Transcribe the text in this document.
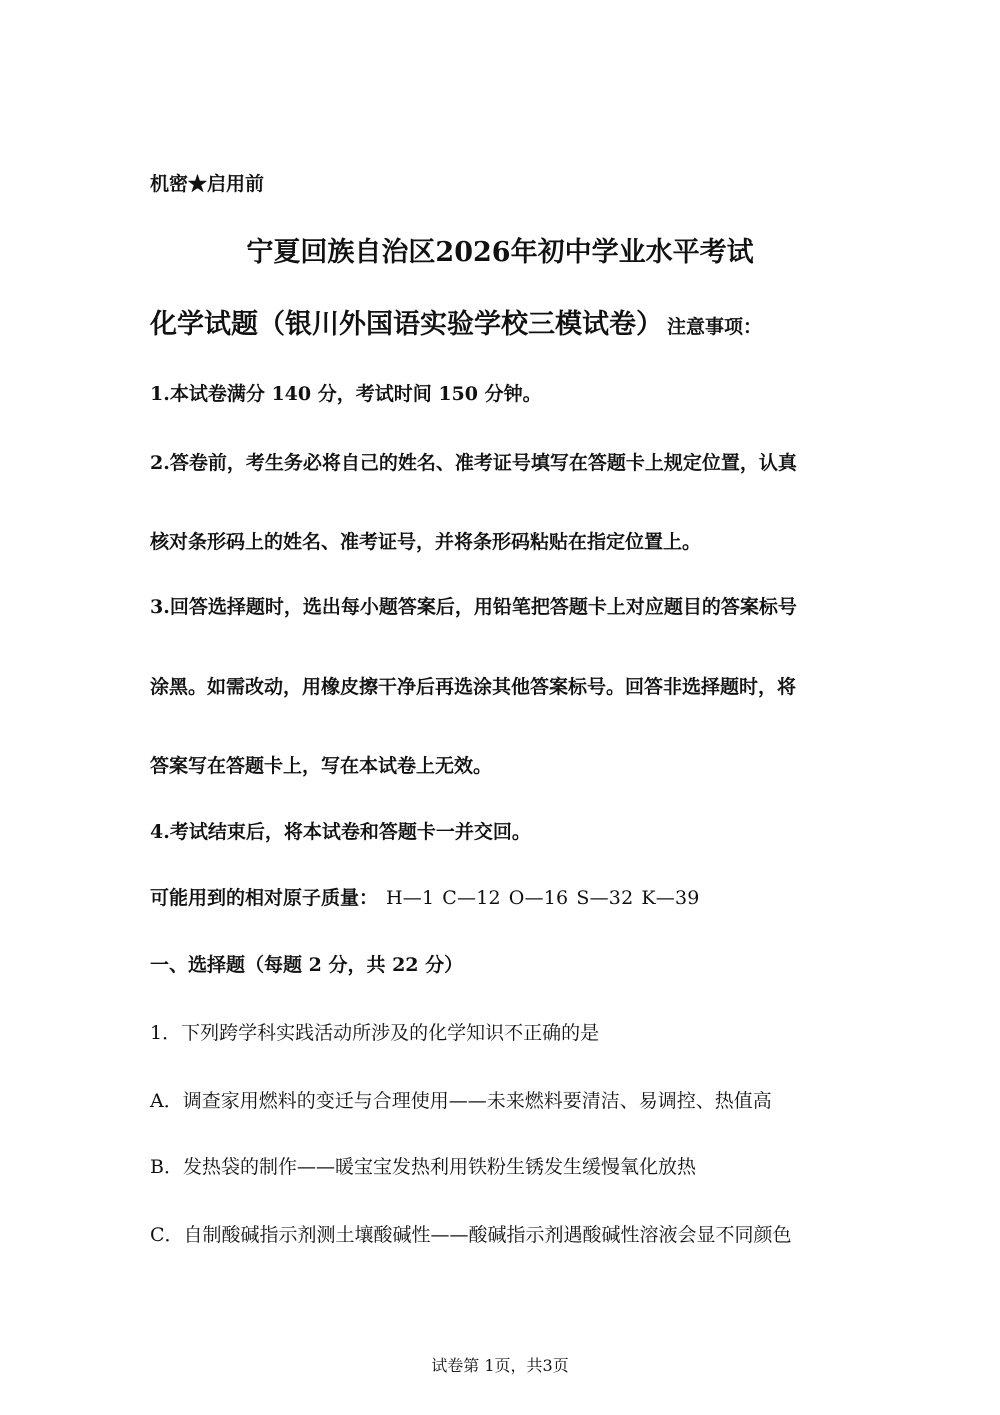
机密★启用前
宁夏回族自治区2026年初中学业水平考试
化学试题（银川外国语实验学校三模试卷） 注意事项：
1.本试卷满分 140 分，考试时间 150 分钟。
2.答卷前，考生务必将自己的姓名、准考证号填写在答题卡上规定位置，认真
核对条形码上的姓名、准考证号，并将条形码粘贴在指定位置上。
3.回答选择题时，选出每小题答案后，用铅笔把答题卡上对应题目的答案标号
涂黑。如需改动，用橡皮擦干净后再选涂其他答案标号。回答非选择题时，将
答案写在答题卡上，写在本试卷上无效。
4.考试结束后，将本试卷和答题卡一并交回。
可能用到的相对原子质量： H—1 C—12 O—16 S—32 K—39
一、选择题（每题 2 分，共 22 分）
1．下列跨学科实践活动所涉及的化学知识不正确的是
A．调查家用燃料的变迁与合理使用——未来燃料要清洁、易调控、热值高
B．发热袋的制作——暖宝宝发热利用铁粉生锈发生缓慢氧化放热
C．自制酸碱指示剂测土壤酸碱性——酸碱指示剂遇酸碱性溶液会显不同颜色
试卷第 1页，共3页
